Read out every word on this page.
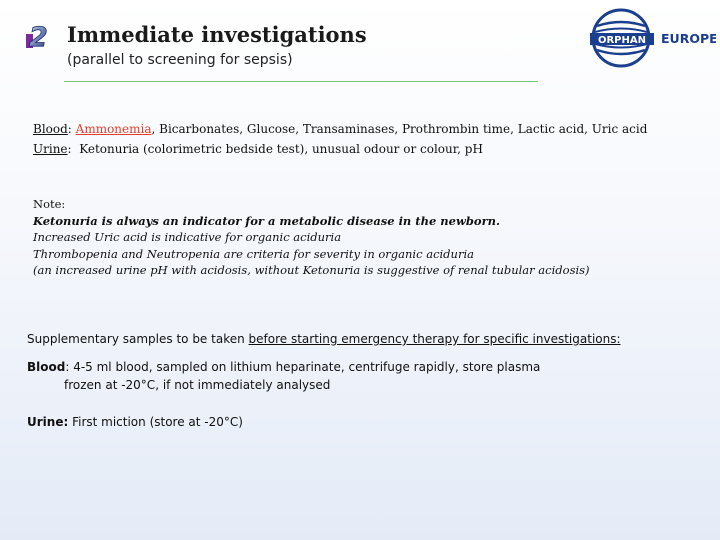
2 Immediate investigations
(parallel to screening for sepsis)
ORPHAN EUROPE
Blood: Ammonemia, Bicarbonates, Glucose, Transaminases, Prothrombin time, Lactic acid, Uric acid
Urine:  Ketonuria (colorimetric bedside test), unusual odour or colour, pH
Note:
Ketonuria is always an indicator for a metabolic disease in the newborn.
Increased Uric acid is indicative for organic aciduria
Thrombopenia and Neutropenia are criteria for severity in organic aciduria
(an increased urine pH with acidosis, without Ketonuria is suggestive of renal tubular acidosis)
Supplementary samples to be taken before starting emergency therapy for specific investigations:
Blood: 4-5 ml blood, sampled on lithium heparinate, centrifuge rapidly, store plasma
frozen at -20°C, if not immediately analysed
Urine: First miction (store at -20°C)
